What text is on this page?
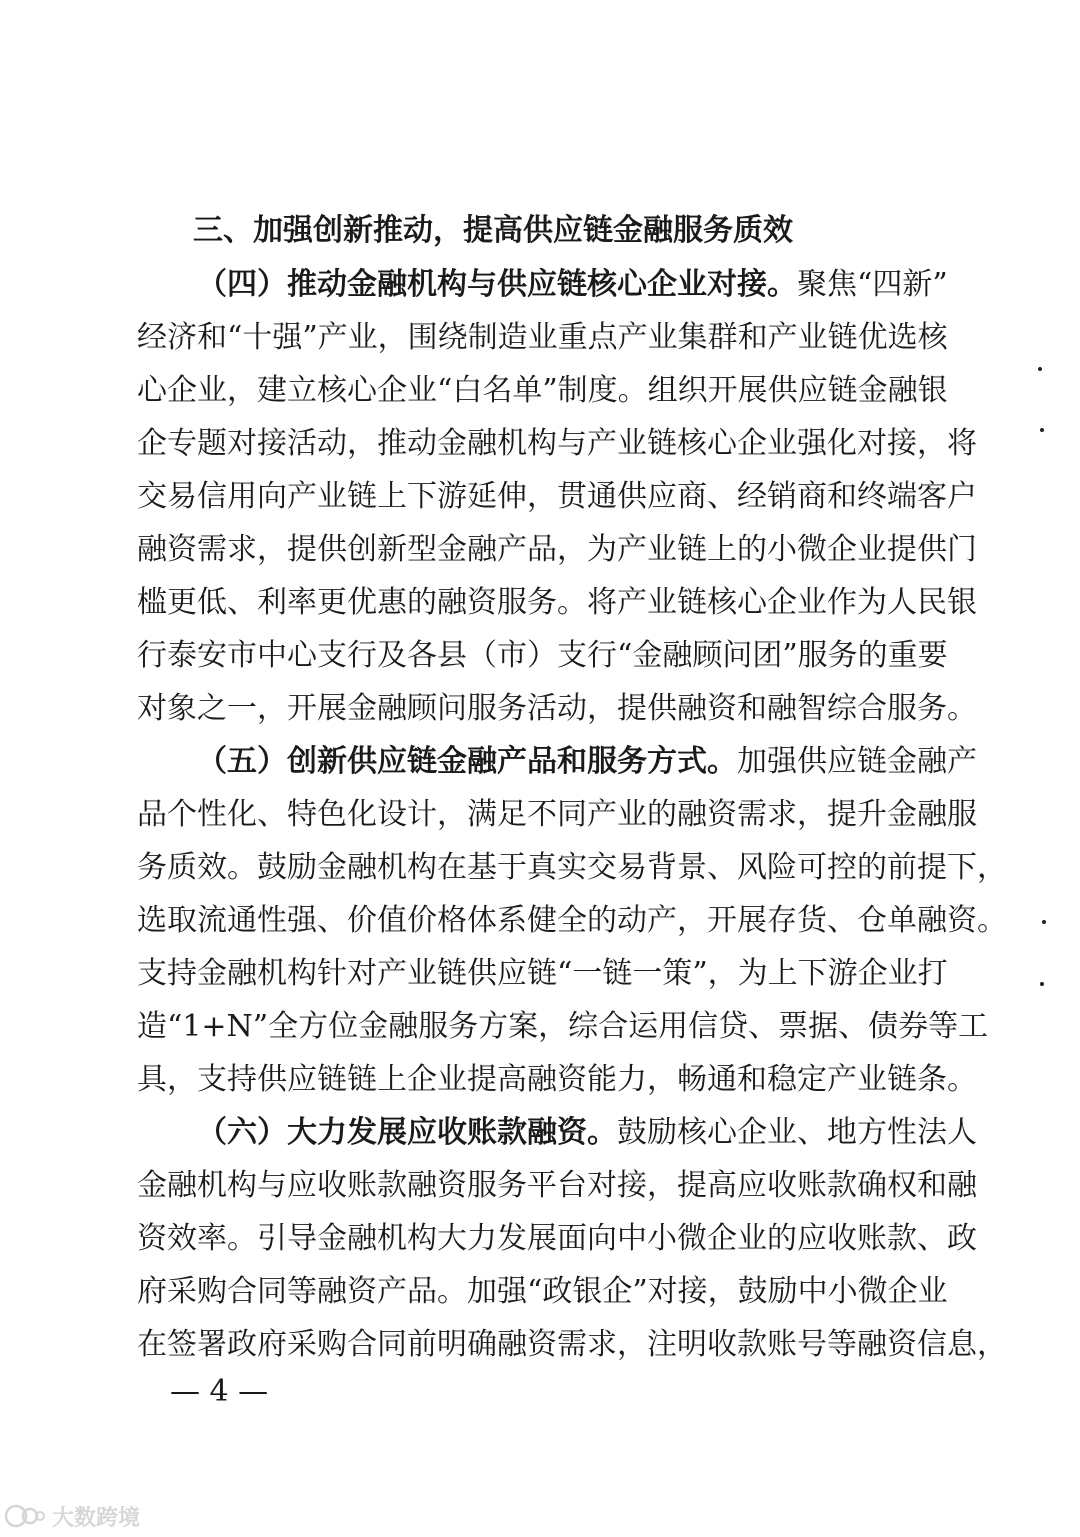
三、加强创新推动，提高供应链金融服务质效
（四）推动金融机构与供应链核心企业对接。聚焦“四新”
经济和“十强”产业，围绕制造业重点产业集群和产业链优选核
心企业，建立核心企业“白名单”制度。组织开展供应链金融银
企专题对接活动，推动金融机构与产业链核心企业强化对接，将
交易信用向产业链上下游延伸，贯通供应商、经销商和终端客户
融资需求，提供创新型金融产品，为产业链上的小微企业提供门
槛更低、利率更优惠的融资服务。将产业链核心企业作为人民银
行泰安市中心支行及各县（市）支行“金融顾问团”服务的重要
对象之一，开展金融顾问服务活动，提供融资和融智综合服务。
（五）创新供应链金融产品和服务方式。加强供应链金融产
品个性化、特色化设计，满足不同产业的融资需求，提升金融服
务质效。鼓励金融机构在基于真实交易背景、风险可控的前提下，
选取流通性强、价值价格体系健全的动产，开展存货、仓单融资。
支持金融机构针对产业链供应链“一链一策”，为上下游企业打
造“1+N”全方位金融服务方案，综合运用信贷、票据、债券等工
具，支持供应链链上企业提高融资能力，畅通和稳定产业链条。
（六）大力发展应收账款融资。鼓励核心企业、地方性法人
金融机构与应收账款融资服务平台对接，提高应收账款确权和融
资效率。引导金融机构大力发展面向中小微企业的应收账款、政
府采购合同等融资产品。加强“政银企”对接，鼓励中小微企业
在签署政府采购合同前明确融资需求，注明收款账号等融资信息，
— 4 —
大数跨境
